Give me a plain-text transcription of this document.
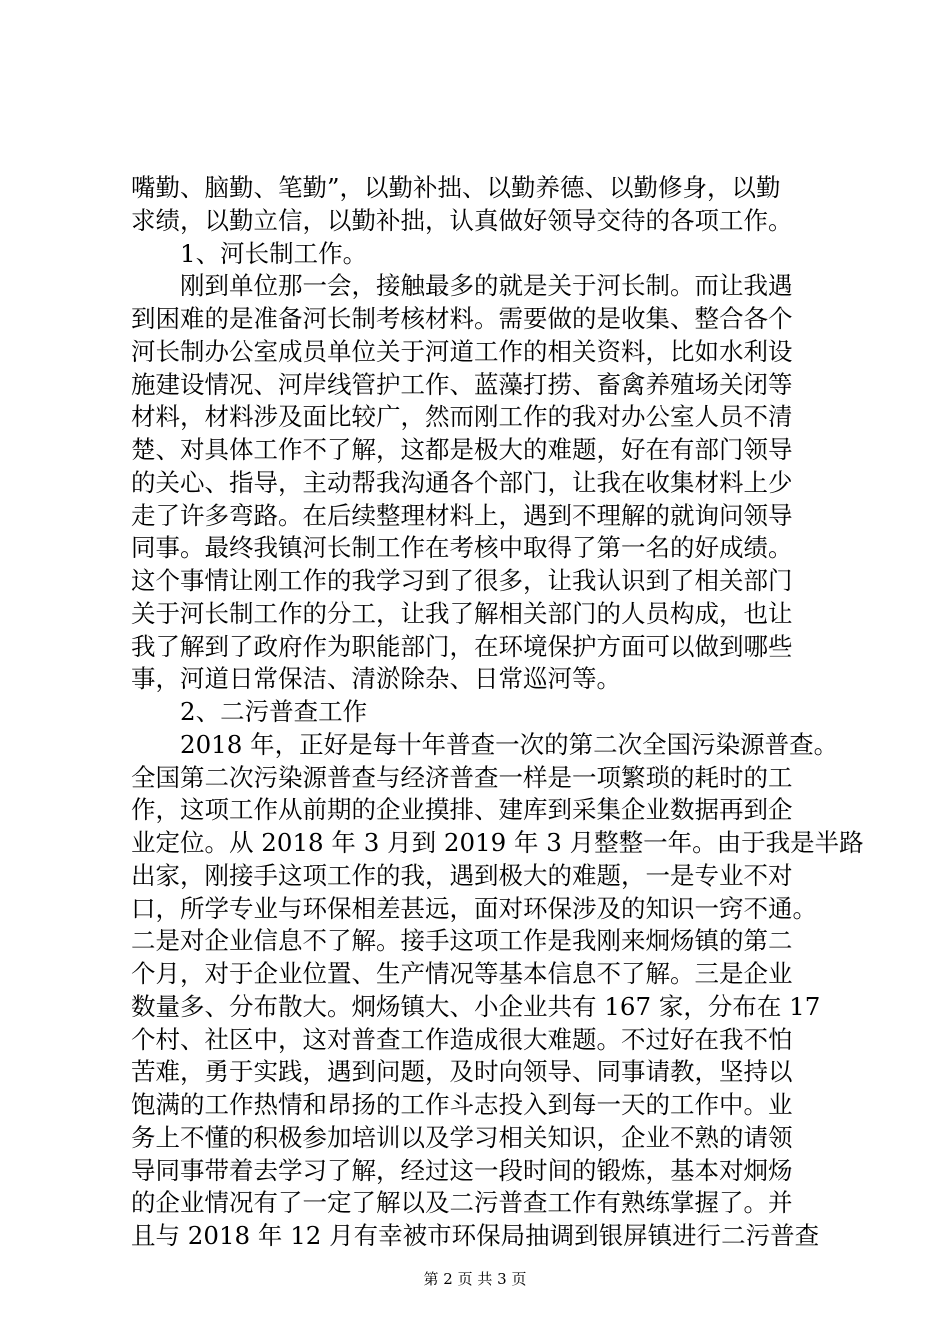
嘴勤、脑勤、笔勤”，以勤补拙、以勤养德、以勤修身，以勤
求绩，以勤立信，以勤补拙，认真做好领导交待的各项工作。
1、河长制工作。
刚到单位那一会，接触最多的就是关于河长制。而让我遇
到困难的是准备河长制考核材料。需要做的是收集、整合各个
河长制办公室成员单位关于河道工作的相关资料，比如水利设
施建设情况、河岸线管护工作、蓝藻打捞、畜禽养殖场关闭等
材料，材料涉及面比较广，然而刚工作的我对办公室人员不清
楚、对具体工作不了解，这都是极大的难题，好在有部门领导
的关心、指导，主动帮我沟通各个部门，让我在收集材料上少
走了许多弯路。在后续整理材料上，遇到不理解的就询问领导
同事。最终我镇河长制工作在考核中取得了第一名的好成绩。
这个事情让刚工作的我学习到了很多，让我认识到了相关部门
关于河长制工作的分工，让我了解相关部门的人员构成，也让
我了解到了政府作为职能部门，在环境保护方面可以做到哪些
事，河道日常保洁、清淤除杂、日常巡河等。
2、二污普查工作
2018 年，正好是每十年普查一次的第二次全国污染源普查。
全国第二次污染源普查与经济普查一样是一项繁琐的耗时的工
作，这项工作从前期的企业摸排、建库到采集企业数据再到企
业定位。从 2018 年 3 月到 2019 年 3 月整整一年。由于我是半路
出家，刚接手这项工作的我，遇到极大的难题，一是专业不对
口，所学专业与环保相差甚远，面对环保涉及的知识一窍不通。
二是对企业信息不了解。接手这项工作是我刚来炯炀镇的第二
个月，对于企业位置、生产情况等基本信息不了解。三是企业
数量多、分布散大。炯炀镇大、小企业共有 167 家，分布在 17
个村、社区中，这对普查工作造成很大难题。不过好在我不怕
苦难，勇于实践，遇到问题，及时向领导、同事请教，坚持以
饱满的工作热情和昂扬的工作斗志投入到每一天的工作中。业
务上不懂的积极参加培训以及学习相关知识，企业不熟的请领
导同事带着去学习了解，经过这一段时间的锻炼，基本对炯炀
的企业情况有了一定了解以及二污普查工作有熟练掌握了。并
且与 2018 年 12 月有幸被市环保局抽调到银屏镇进行二污普查
第 2 页 共 3 页
